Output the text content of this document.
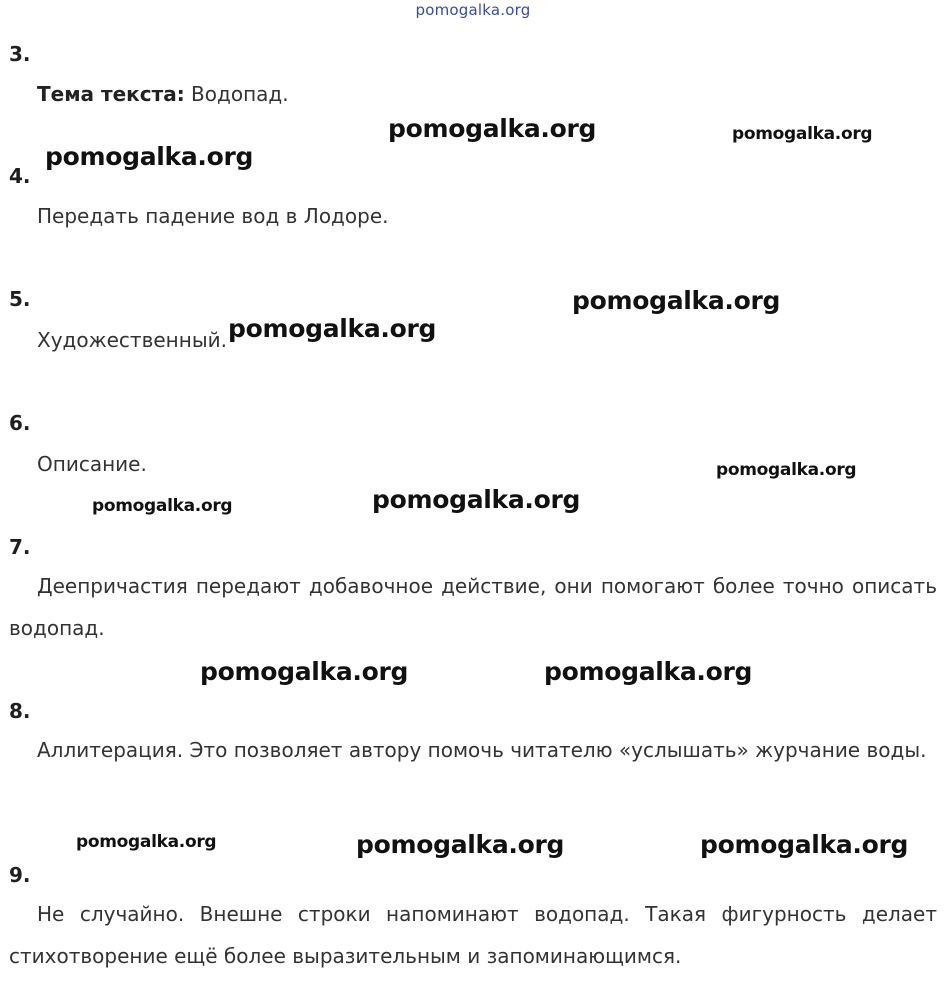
pomogalka.org
3.
Тема текста: Водопад.
4.
Передать падение вод в Лодоре.
5.
Художественный.
6.
Описание.
7.
Деепричастия передают добавочное действие, они помогают более точно описать водопад.
8.
Аллитерация. Это позволяет автору помочь читателю «услышать» журчание воды.
9.
Не случайно. Внешне строки напоминают водопад. Такая фигурность делает стихотворение ещё более выразительным и запоминающимся.
pomogalka.org	pomogalka.org
pomogalka.org
pomogalka.org
pomogalka.org
pomogalka.org
pomogalka.org
pomogalka.org
pomogalka.org	pomogalka.org
pomogalka.org	pomogalka.org	pomogalka.org
